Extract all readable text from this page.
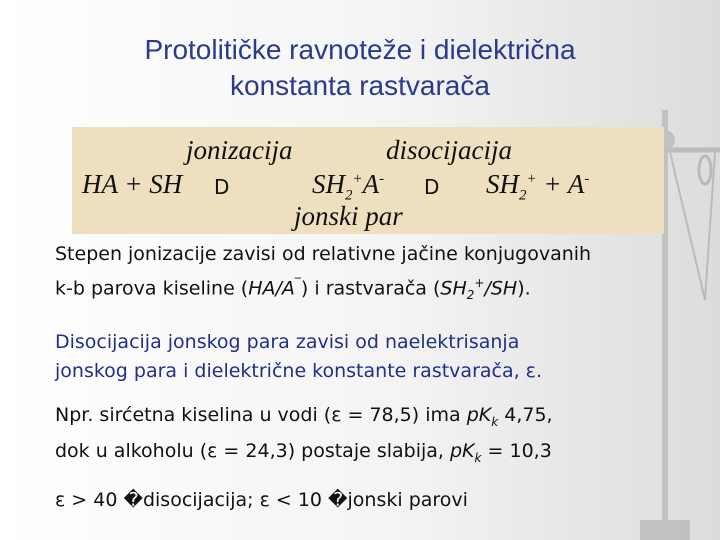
Protolitičke ravnoteže i dielektrična
konstanta rastvarača
jonizacija	disocijacija
HA + SH D	$SH_2^+A^-$ D $SH_2^+ + A^-$
jonski par
Stepen jonizacije zavisi od relativne jačine konjugovanih
k-b parova kiseline (HA/A‾) i rastvarača $(SH_2^+/SH)$.
Disocijacija jonskog para zavisi od naelektrisanja
jonskog para i dielektrične konstante rastvarača, ε.
Npr. sirćetna kiselina u vodi (ε = 78,5) ima $pK_k$ 4,75,
dok u alkoholu (ε = 24,3) postaje slabija, $pK_k = 10,3$
ε > 40 �disocijacija; ε < 10 �jonski parovi
